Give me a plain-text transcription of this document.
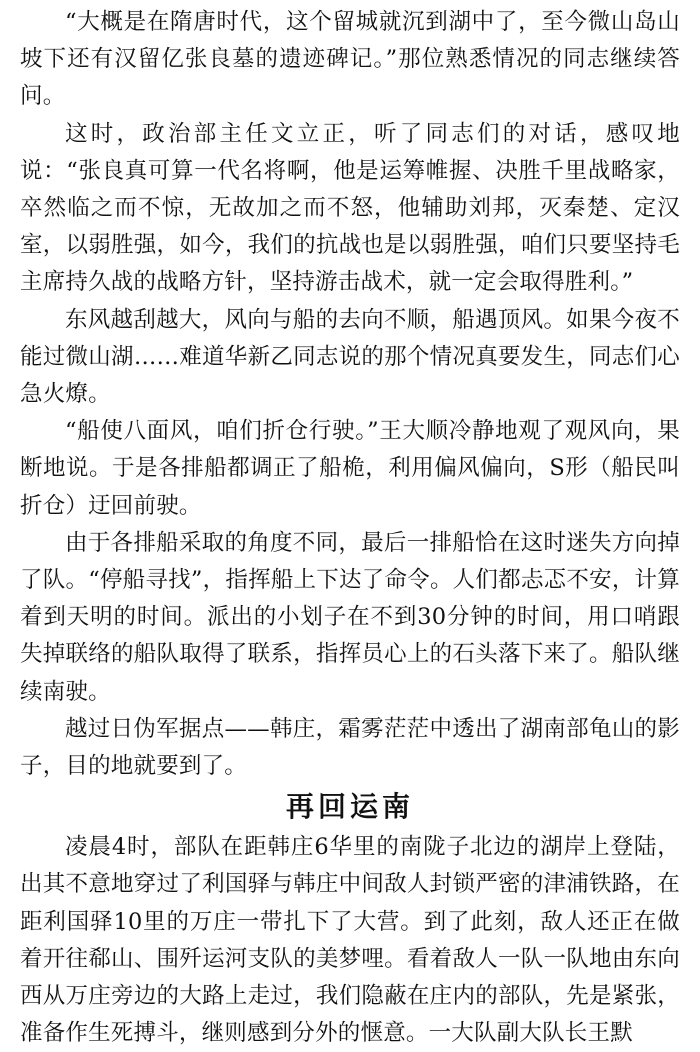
“大概是在隋唐时代，这个留城就沉到湖中了，至今微山岛山坡下还有汉留亿张良墓的遗迹碑记。”那位熟悉情况的同志继续答问。

这时，政治部主任文立正，听了同志们的对话，感叹地说：“张良真可算一代名将啊，他是运筹帷握、决胜千里战略家，卒然临之而不惊，无故加之而不怒，他辅助刘邦，灭秦楚、定汉室，以弱胜强，如今，我们的抗战也是以弱胜强，咱们只要坚持毛主席持久战的战略方针，坚持游击战术，就一定会取得胜利。”

东风越刮越大，风向与船的去向不顺，船遇顶风。如果今夜不能过微山湖……难道华新乙同志说的那个情况真要发生，同志们心急火燎。

“船使八面风，咱们折仓行驶。”王大顺冷静地观了观风向，果断地说。于是各排船都调正了船桅，利用偏风偏向，S形（船民叫折仓）迂回前驶。

由于各排船采取的角度不同，最后一排船恰在这时迷失方向掉了队。“停船寻找”，指挥船上下达了命令。人们都忐忑不安，计算着到天明的时间。派出的小划子在不到30分钟的时间，用口哨跟失掉联络的船队取得了联系，指挥员心上的石头落下来了。船队继续南驶。

越过日伪军据点——韩庄，霜雾茫茫中透出了湖南部龟山的影子，目的地就要到了。

再回运南

凌晨4时，部队在距韩庄6华里的南陇子北边的湖岸上登陆，出其不意地穿过了利国驿与韩庄中间敌人封锁严密的津浦铁路，在距利国驿10里的万庄一带扎下了大营。到了此刻，敌人还正在做着开往郗山、围歼运河支队的美梦哩。看着敌人一队一队地由东向西从万庄旁边的大路上走过，我们隐蔽在庄内的部队，先是紧张，准备作生死搏斗，继则感到分外的惬意。一大队副大队长王默
